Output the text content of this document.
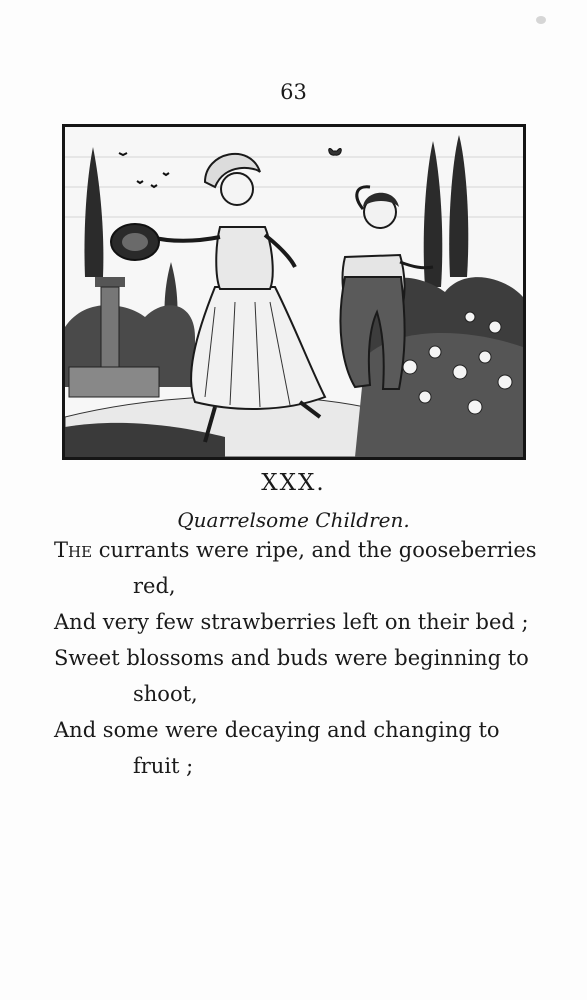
63
XXX.
Quarrelsome Children.
The currants were ripe, and the gooseberries
red,
And very few strawberries left on their bed ;
Sweet blossoms and buds were beginning to
shoot,
And some were decaying and changing to
fruit ;
